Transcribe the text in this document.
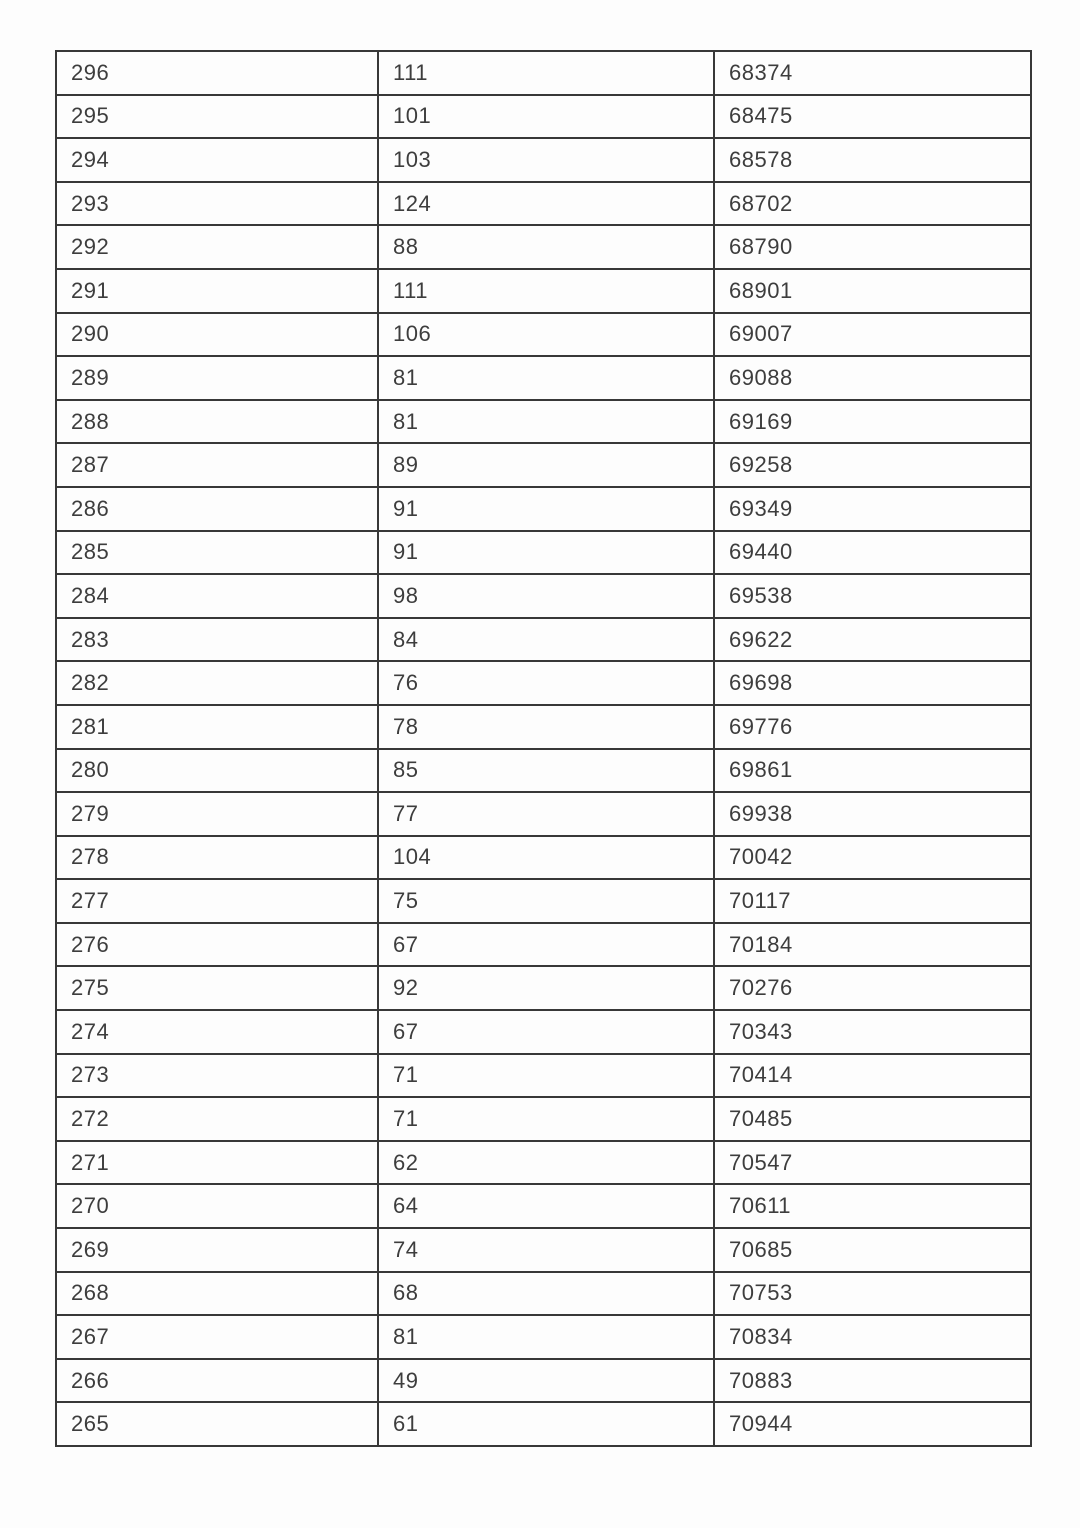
296	111	68374
295	101	68475
294	103	68578
293	124	68702
292	88	68790
291	111	68901
290	106	69007
289	81	69088
288	81	69169
287	89	69258
286	91	69349
285	91	69440
284	98	69538
283	84	69622
282	76	69698
281	78	69776
280	85	69861
279	77	69938
278	104	70042
277	75	70117
276	67	70184
275	92	70276
274	67	70343
273	71	70414
272	71	70485
271	62	70547
270	64	70611
269	74	70685
268	68	70753
267	81	70834
266	49	70883
265	61	70944
